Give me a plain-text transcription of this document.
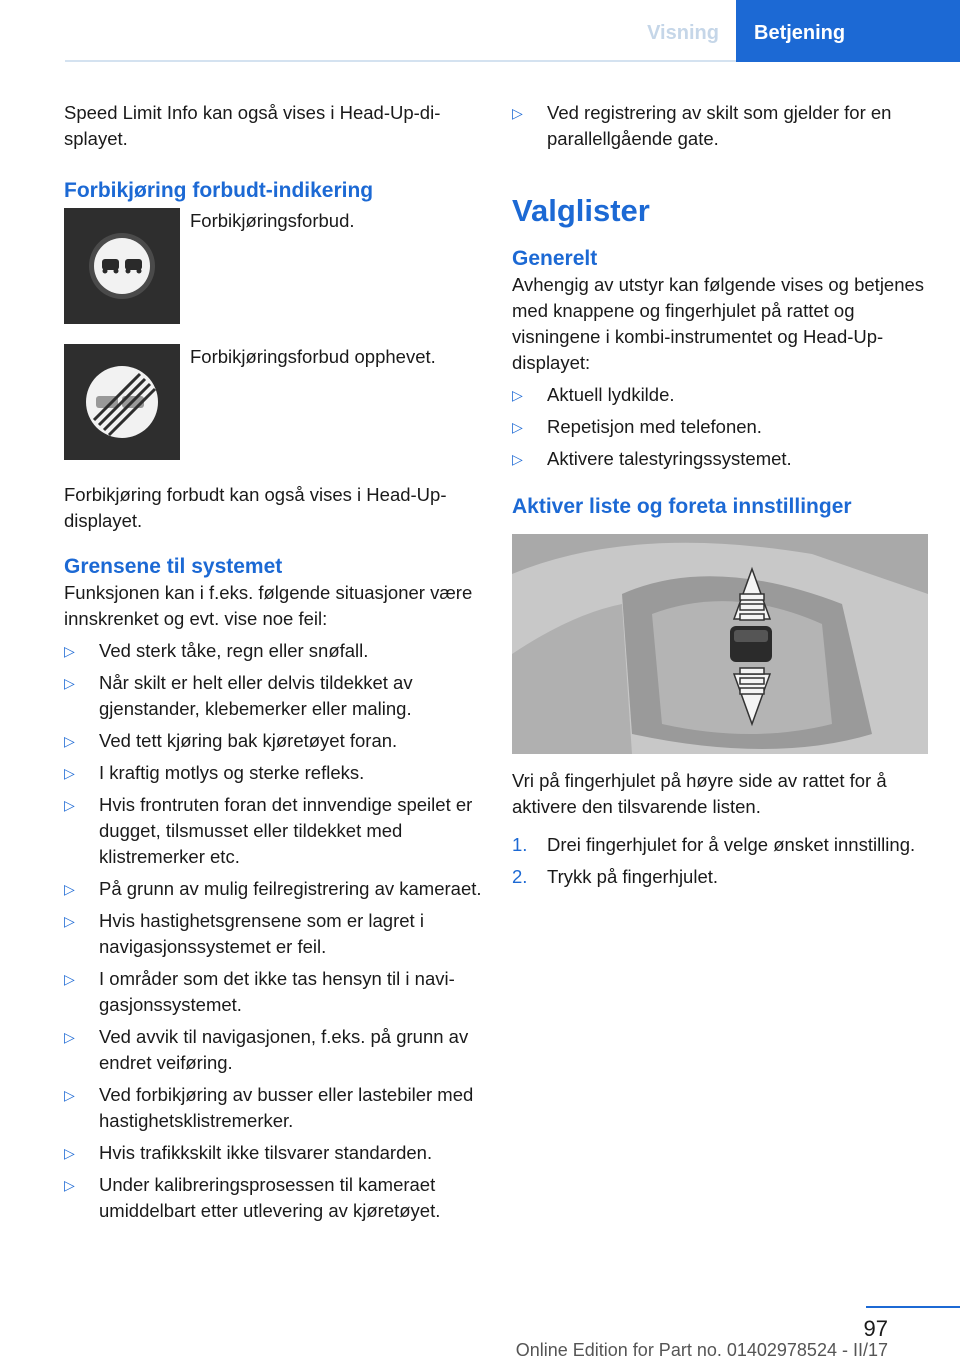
Visning	Betjening

Speed Limit Info kan også vises i Head-Up-displayet.

Forbikjøring forbudt-indikering
Forbikjøringsforbud.
Forbikjøringsforbud opphevet.

Forbikjøring forbudt kan også vises i Head-Up-displayet.

Grensene til systemet

Funksjonen kan i f.eks. følgende situasjoner være innskrenket og evt. vise noe feil:

▷ Ved sterk tåke, regn eller snøfall.
▷ Når skilt er helt eller delvis tildekket av gjenstander, klebemerker eller maling.
▷ Ved tett kjøring bak kjøretøyet foran.
▷ I kraftig motlys og sterke refleks.
▷ Hvis frontruten foran det innvendige speilet er dugget, tilsmusset eller tildekket med klistremerker etc.
▷ På grunn av mulig feilregistrering av kameraet.
▷ Hvis hastighetsgrensene som er lagret i navigasjonssystemet er feil.
▷ I områder som det ikke tas hensyn til i navigasjonssystemet.
▷ Ved avvik til navigasjonen, f.eks. på grunn av endret veiføring.
▷ Ved forbikjøring av busser eller lastebiler med hastighetsklistremerker.
▷ Hvis trafikkskilt ikke tilsvarer standarden.
▷ Under kalibreringsprosessen til kameraet umiddelbart etter utlevering av kjøretøyet.
▷ Ved registrering av skilt som gjelder for en parallellgående gate.
Valglister
Generelt

Avhengig av utstyr kan følgende vises og betjenes med knappene og fingerhjulet på rattet og visningene i kombi-instrumentet og Head-Up-displayet:

▷ Aktuell lydkilde.
▷ Repetisjon med telefonen.
▷ Aktivere talestyringssystemet.
Aktiver liste og foreta innstillinger

Vri på fingerhjulet på høyre side av rattet for å aktivere den tilsvarende listen.

1. Drei fingerhjulet for å velge ønsket innstilling.
2. Trykk på fingerhjulet.
97
Online Edition for Part no. 01402978524 - II/17
